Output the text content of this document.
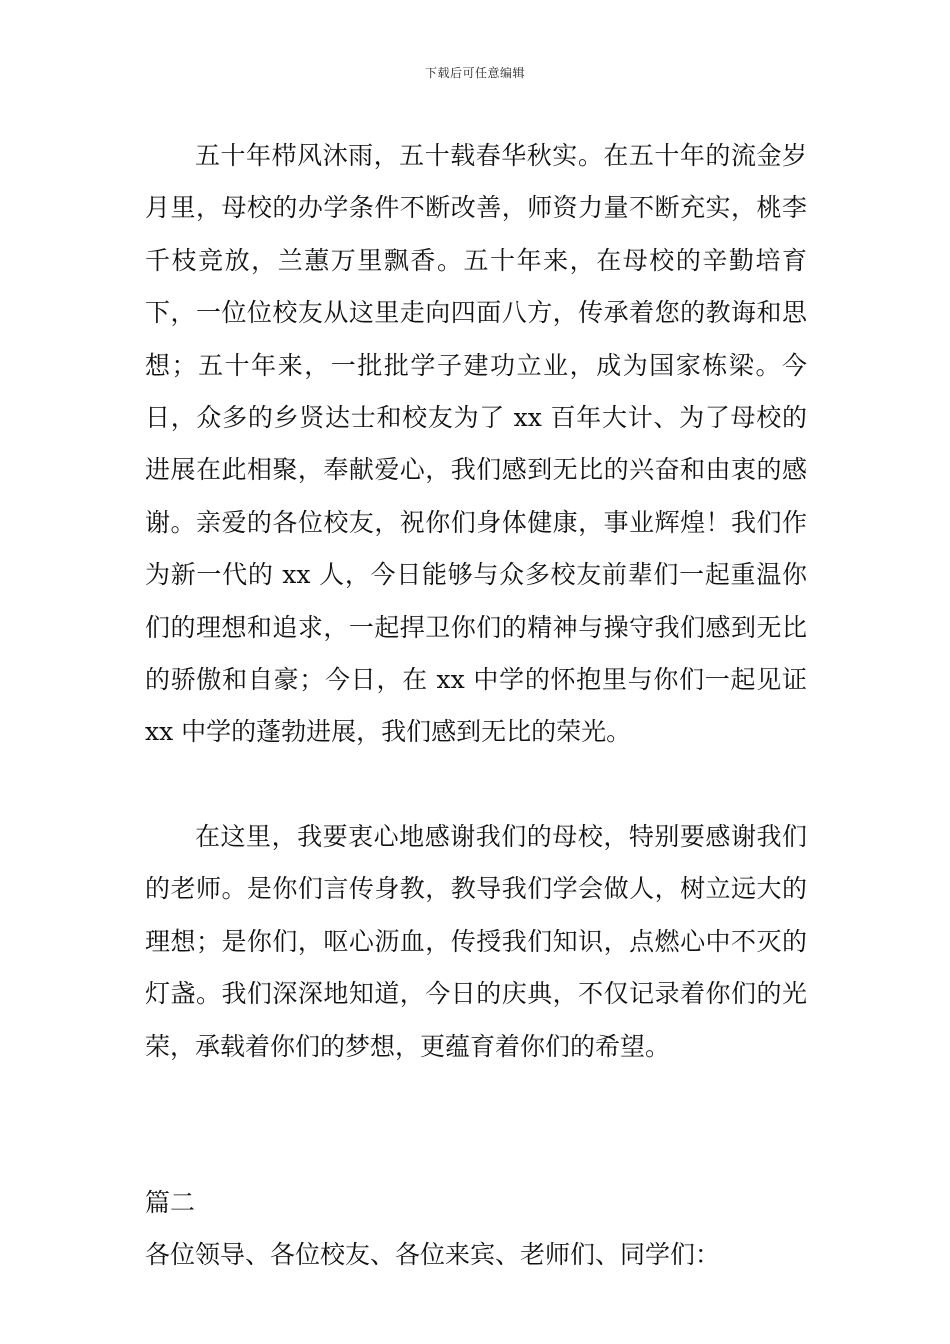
下载后可任意编辑

五十年栉风沐雨，五十载春华秋实。在五十年的流金岁月里，母校的办学条件不断改善，师资力量不断充实，桃李千枝竞放，兰蕙万里飘香。五十年来，在母校的辛勤培育下，一位位校友从这里走向四面八方，传承着您的教诲和思想；五十年来，一批批学子建功立业，成为国家栋梁。今日，众多的乡贤达士和校友为了 xx 百年大计、为了母校的进展在此相聚，奉献爱心，我们感到无比的兴奋和由衷的感谢。亲爱的各位校友，祝你们身体健康，事业辉煌！我们作为新一代的 xx 人，今日能够与众多校友前辈们一起重温你们的理想和追求，一起捍卫你们的精神与操守我们感到无比的骄傲和自豪；今日，在 xx 中学的怀抱里与你们一起见证 xx 中学的蓬勃进展，我们感到无比的荣光。

在这里，我要衷心地感谢我们的母校，特别要感谢我们的老师。是你们言传身教，教导我们学会做人，树立远大的理想；是你们，呕心沥血，传授我们知识，点燃心中不灭的灯盏。我们深深地知道，今日的庆典，不仅记录着你们的光荣，承载着你们的梦想，更蕴育着你们的希望。

篇二

各位领导、各位校友、各位来宾、老师们、同学们：
